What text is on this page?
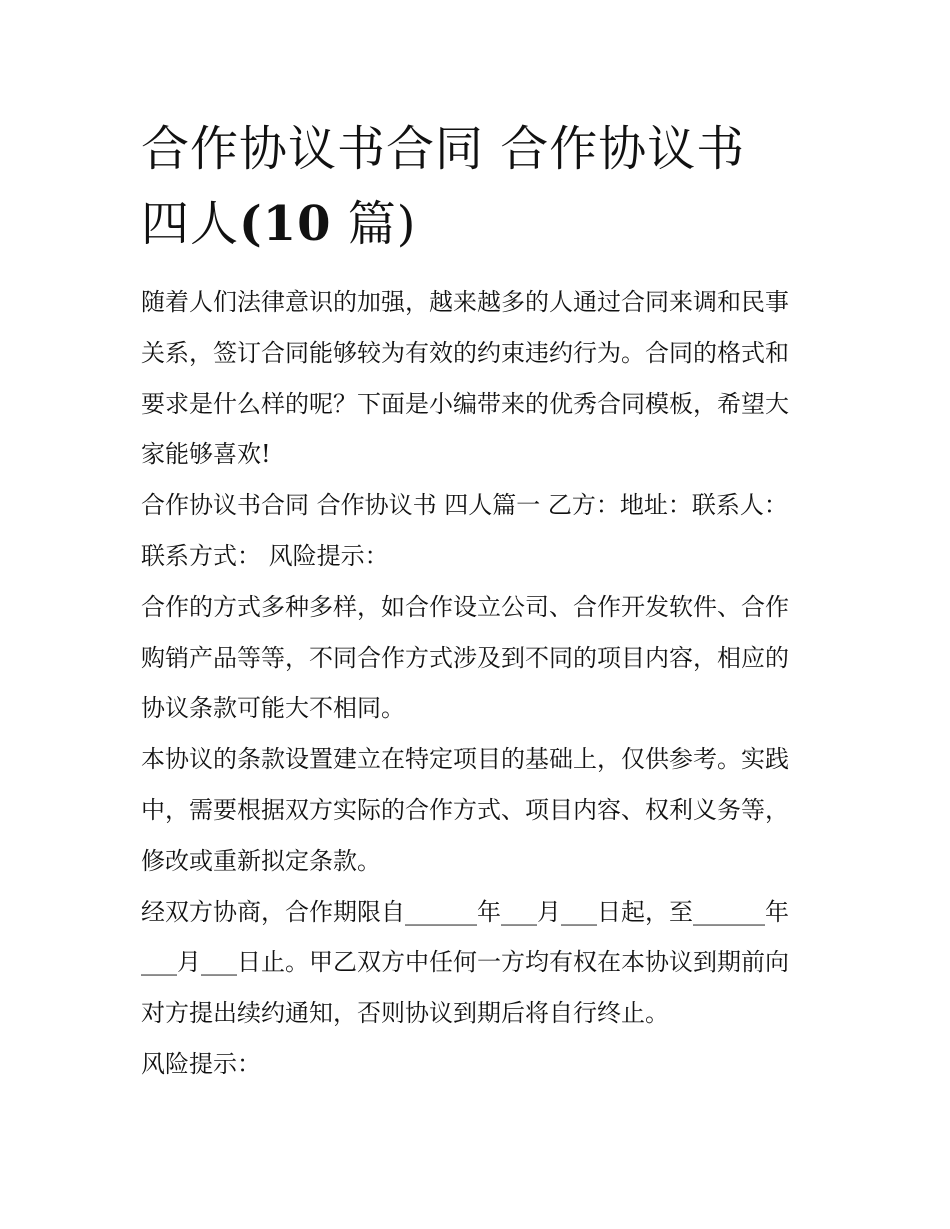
合作协议书合同 合作协议书
四人(10 篇)

随着人们法律意识的加强，越来越多的人通过合同来调和民事
关系，签订合同能够较为有效的约束违约行为。合同的格式和
要求是什么样的呢？下面是小编带来的优秀合同模板，希望大
家能够喜欢!

合作协议书合同 合作协议书 四人篇一 乙方：地址：联系人：
联系方式： 风险提示：

合作的方式多种多样，如合作设立公司、合作开发软件、合作
购销产品等等，不同合作方式涉及到不同的项目内容，相应的
协议条款可能大不相同。

本协议的条款设置建立在特定项目的基础上，仅供参考。实践
中，需要根据双方实际的合作方式、项目内容、权利义务等，
修改或重新拟定条款。

经双方协商，合作期限自______年___月___日起，至______年
___月___日止。甲乙双方中任何一方均有权在本协议到期前向
对方提出续约通知，否则协议到期后将自行终止。

风险提示：
